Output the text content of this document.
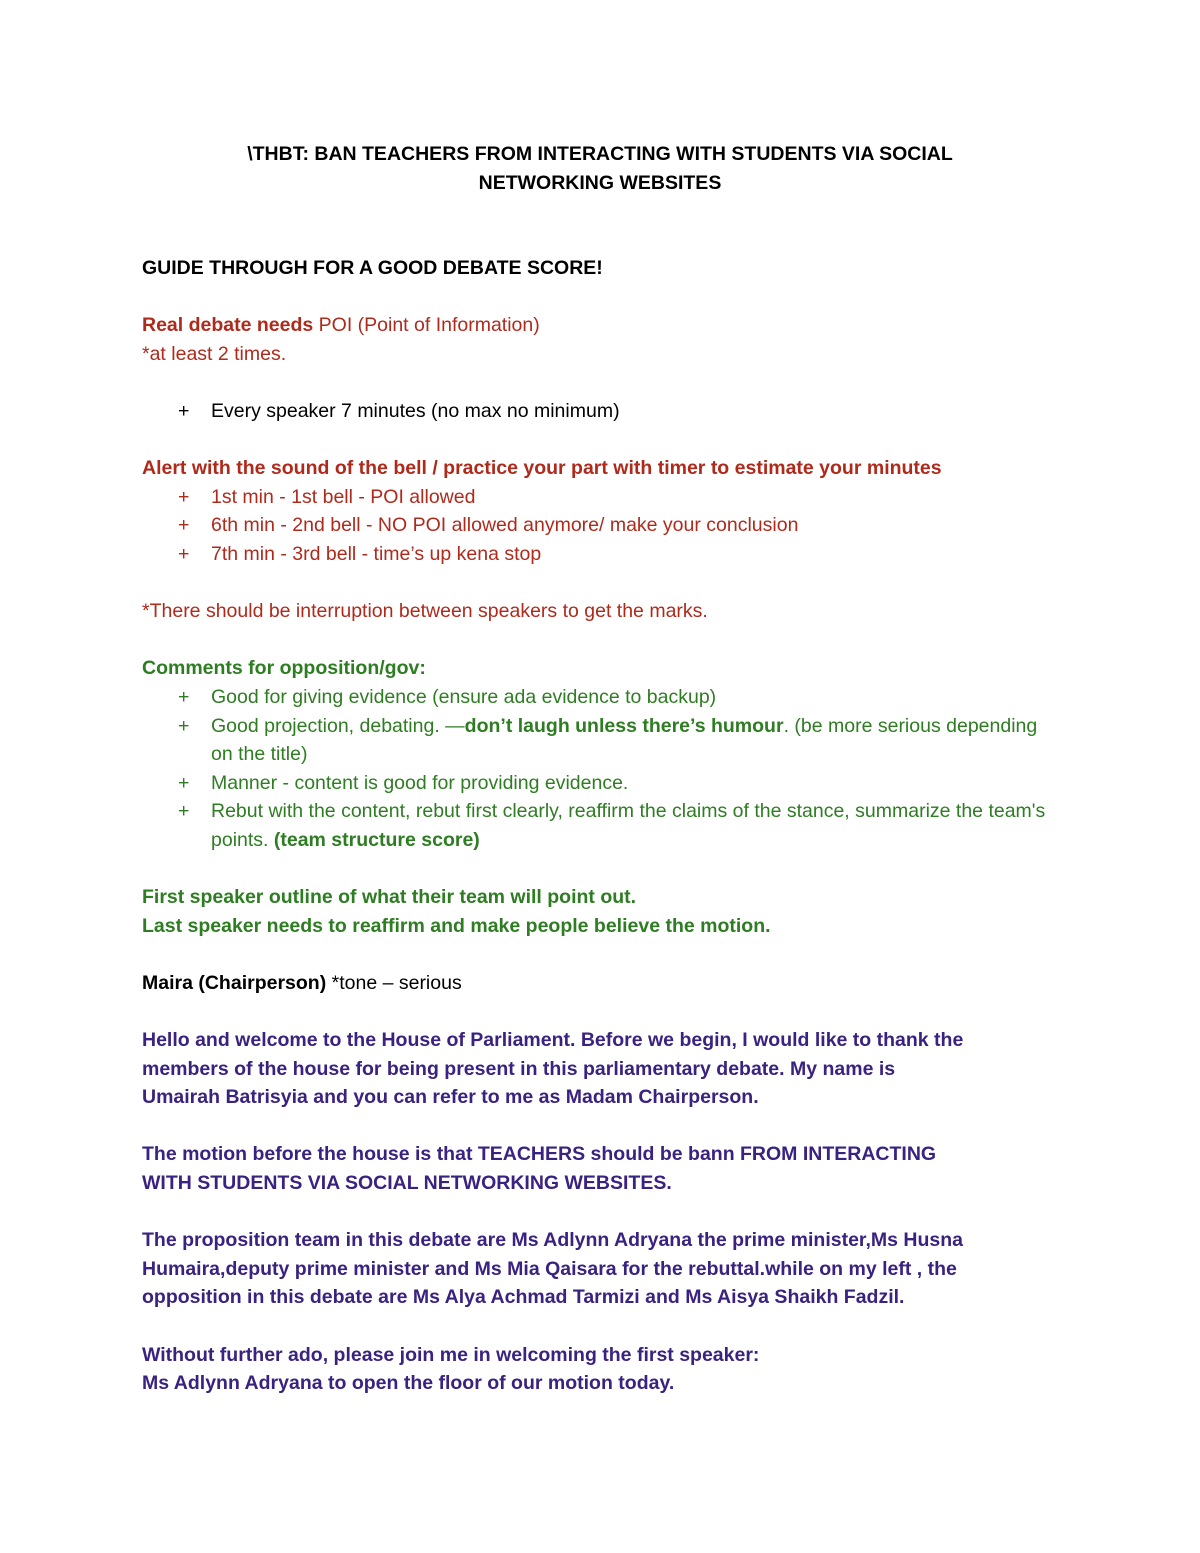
\THBT: BAN TEACHERS FROM INTERACTING WITH STUDENTS VIA SOCIAL
NETWORKING WEBSITES

GUIDE THROUGH FOR A GOOD DEBATE SCORE!

Real debate needs POI (Point of Information)

*at least 2 times.

+ Every speaker 7 minutes (no max no minimum)

Alert with the sound of the bell / practice your part with timer to estimate your minutes

+ 1st min - 1st bell - POI allowed
+ 6th min - 2nd bell - NO POI allowed anymore/ make your conclusion
+ 7th min - 3rd bell - time’s up kena stop

*There should be interruption between speakers to get the marks.

Comments for opposition/gov:

+ Good for giving evidence (ensure ada evidence to backup)
+ Good projection, debating. —don’t laugh unless there’s humour. (be more serious depending on the title)
+ Manner - content is good for providing evidence.
+ Rebut with the content, rebut first clearly, reaffirm the claims of the stance, summarize the team's points. (team structure score)

First speaker outline of what their team will point out.

Last speaker needs to reaffirm and make people believe the motion.

Maira (Chairperson) *tone – serious

Hello and welcome to the House of Parliament. Before we begin, I would like to thank the

members of the house for being present in this parliamentary debate. My name is

Umairah Batrisyia and you can refer to me as Madam Chairperson.

The motion before the house is that TEACHERS should be bann FROM INTERACTING

WITH STUDENTS VIA SOCIAL NETWORKING WEBSITES.

The proposition team in this debate are Ms Adlynn Adryana the prime minister,Ms Husna

Humaira,deputy prime minister and Ms Mia Qaisara for the rebuttal.while on my left , the

opposition in this debate are Ms Alya Achmad Tarmizi and Ms Aisya Shaikh Fadzil.

Without further ado, please join me in welcoming the first speaker:

Ms Adlynn Adryana to open the floor of our motion today.
